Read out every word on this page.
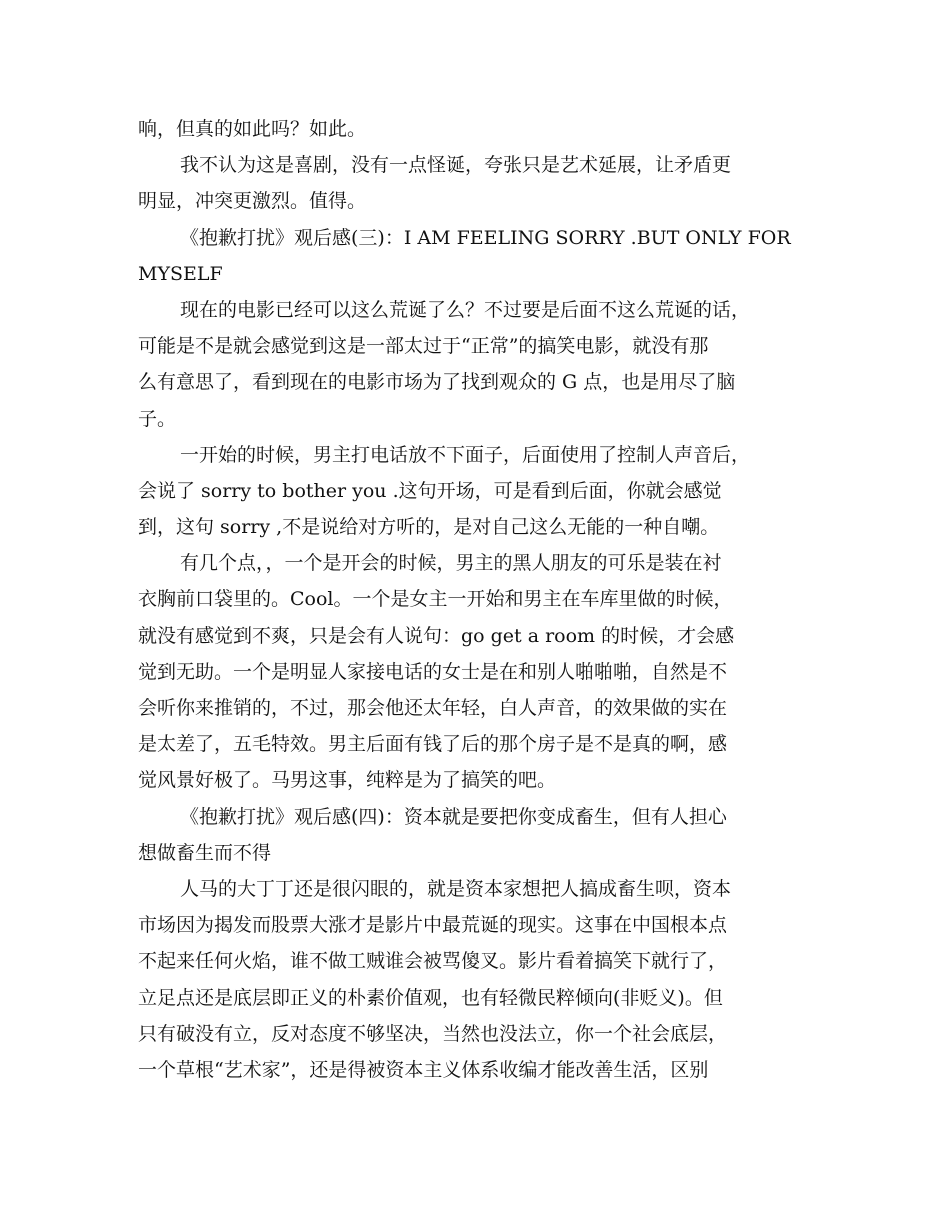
响，但真的如此吗？如此。
我不认为这是喜剧，没有一点怪诞，夸张只是艺术延展，让矛盾更
明显，冲突更激烈。值得。
《抱歉打扰》观后感(三)：I AM FEELING SORRY .BUT ONLY FOR
MYSELF
现在的电影已经可以这么荒诞了么？不过要是后面不这么荒诞的话，
可能是不是就会感觉到这是一部太过于“正常”的搞笑电影，就没有那
么有意思了，看到现在的电影市场为了找到观众的 G 点，也是用尽了脑
子。
一开始的时候，男主打电话放不下面子，后面使用了控制人声音后，
会说了 sorry to bother you .这句开场，可是看到后面，你就会感觉
到，这句 sorry ,不是说给对方听的，是对自己这么无能的一种自嘲。
有几个点，，一个是开会的时候，男主的黑人朋友的可乐是装在衬
衣胸前口袋里的。Cool。一个是女主一开始和男主在车库里做的时候，
就没有感觉到不爽，只是会有人说句：go get a room 的时候，才会感
觉到无助。一个是明显人家接电话的女士是在和别人啪啪啪，自然是不
会听你来推销的，不过，那会他还太年轻，白人声音，的效果做的实在
是太差了，五毛特效。男主后面有钱了后的那个房子是不是真的啊，感
觉风景好极了。马男这事，纯粹是为了搞笑的吧。
《抱歉打扰》观后感(四)：资本就是要把你变成畜生，但有人担心
想做畜生而不得
人马的大丁丁还是很闪眼的，就是资本家想把人搞成畜生呗，资本
市场因为揭发而股票大涨才是影片中最荒诞的现实。这事在中国根本点
不起来任何火焰，谁不做工贼谁会被骂傻叉。影片看着搞笑下就行了，
立足点还是底层即正义的朴素价值观，也有轻微民粹倾向(非贬义)。但
只有破没有立，反对态度不够坚决，当然也没法立，你一个社会底层，
一个草根“艺术家”，还是得被资本主义体系收编才能改善生活，区别
